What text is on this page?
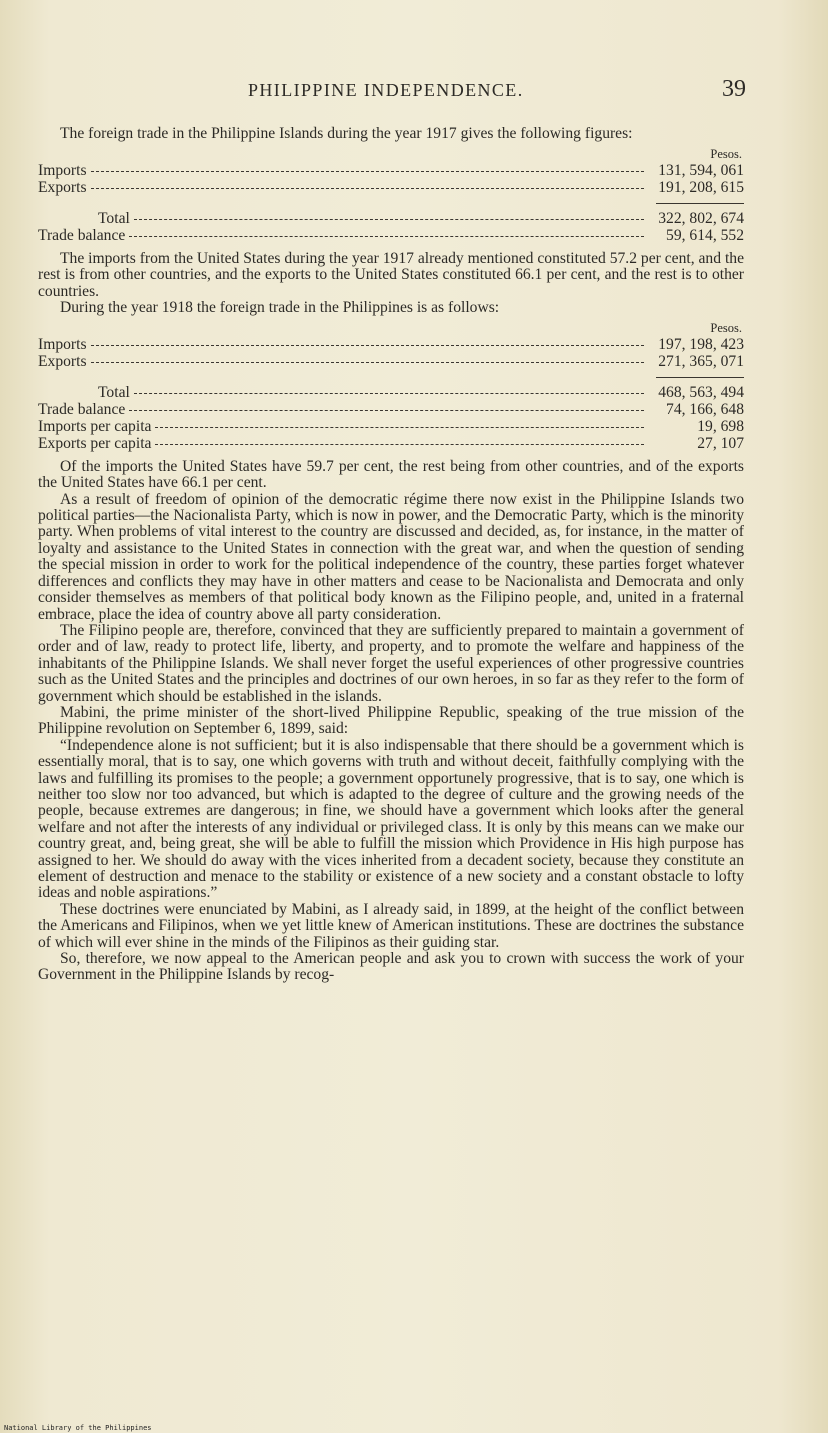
PHILIPPINE INDEPENDENCE.	39

The foreign trade in the Philippine Islands during the year 1917 gives the following figures:

Pesos.
Imports	131, 594, 061
Exports	191, 208, 615
Total	322, 802, 674
Trade balance	59, 614, 552

The imports from the United States during the year 1917 already mentioned constituted 57.2 per cent, and the rest is from other countries, and the exports to the United States constituted 66.1 per cent, and the rest is to other countries.

During the year 1918 the foreign trade in the Philippines is as follows:

Pesos.
Imports	197, 198, 423
Exports	271, 365, 071
Total	468, 563, 494
Trade balance	74, 166, 648
Imports per capita	19, 698
Exports per capita	27, 107

Of the imports the United States have 59.7 per cent, the rest being from other countries, and of the exports the United States have 66.1 per cent.

As a result of freedom of opinion of the democratic régime there now exist in the Philippine Islands two political parties—the Nacionalista Party, which is now in power, and the Democratic Party, which is the minority party. When problems of vital interest to the country are discussed and decided, as, for instance, in the matter of loyalty and assistance to the United States in connection with the great war, and when the question of sending the special mission in order to work for the political independence of the country, these parties forget whatever differences and conflicts they may have in other matters and cease to be Nacionalista and Democrata and only consider themselves as members of that political body known as the Filipino people, and, united in a fraternal embrace, place the idea of country above all party consideration.

The Filipino people are, therefore, convinced that they are sufficiently prepared to maintain a government of order and of law, ready to protect life, liberty, and property, and to promote the welfare and happiness of the inhabitants of the Philippine Islands. We shall never forget the useful experiences of other progressive countries such as the United States and the principles and doctrines of our own heroes, in so far as they refer to the form of government which should be established in the islands.

Mabini, the prime minister of the short-lived Philippine Republic, speaking of the true mission of the Philippine revolution on September 6, 1899, said:

“Independence alone is not sufficient; but it is also indispensable that there should be a government which is essentially moral, that is to say, one which governs with truth and without deceit, faithfully complying with the laws and fulfilling its promises to the people; a government opportunely progressive, that is to say, one which is neither too slow nor too advanced, but which is adapted to the degree of culture and the growing needs of the people, because extremes are dangerous; in fine, we should have a government which looks after the general welfare and not after the interests of any individual or privileged class. It is only by this means can we make our country great, and, being great, she will be able to fulfill the mission which Providence in His high purpose has assigned to her. We should do away with the vices inherited from a decadent society, because they constitute an element of destruction and menace to the stability or existence of a new society and a constant obstacle to lofty ideas and noble aspirations.”

These doctrines were enunciated by Mabini, as I already said, in 1899, at the height of the conflict between the Americans and Filipinos, when we yet little knew of American institutions. These are doctrines the substance of which will ever shine in the minds of the Filipinos as their guiding star.

So, therefore, we now appeal to the American people and ask you to crown with success the work of your Government in the Philippine Islands by recog-

National Library of the Philippines
